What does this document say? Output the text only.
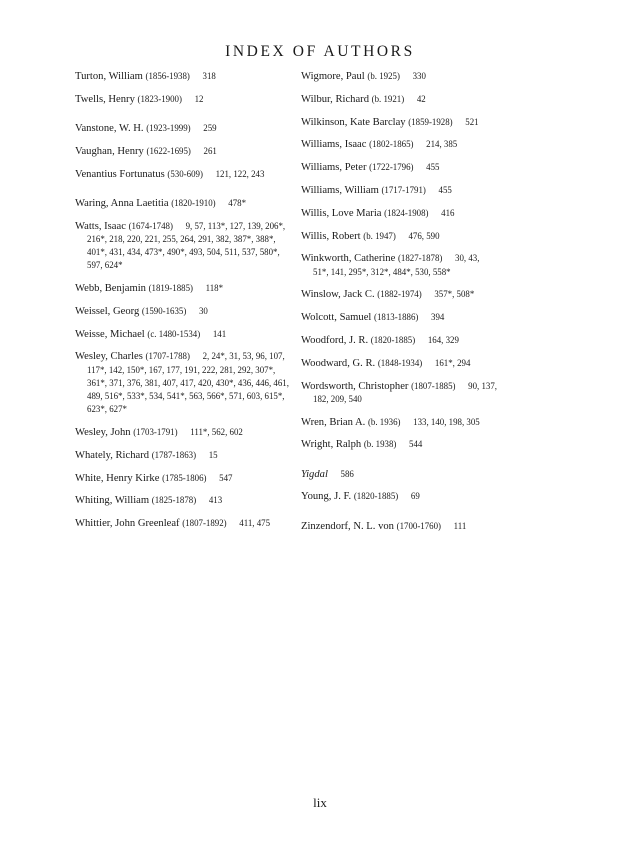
INDEX OF AUTHORS
Turton, William (1856-1938) 318
Twells, Henry (1823-1900) 12
Vanstone, W. H. (1923-1999) 259
Vaughan, Henry (1622-1695) 261
Venantius Fortunatus (530-609) 121, 122, 243
Waring, Anna Laetitia (1820-1910) 478*
Watts, Isaac (1674-1748) 9, 57, 113*, 127, 139, 206*, 216*, 218, 220, 221, 255, 264, 291, 382, 387*, 388*, 401*, 431, 434, 473*, 490*, 493, 504, 511, 537, 580*, 597, 624*
Webb, Benjamin (1819-1885) 118*
Weissel, Georg (1590-1635) 30
Weisse, Michael (c. 1480-1534) 141
Wesley, Charles (1707-1788) 2, 24*, 31, 53, 96, 107, 117*, 142, 150*, 167, 177, 191, 222, 281, 292, 307*, 361*, 371, 376, 381, 407, 417, 420, 430*, 436, 446, 461, 489, 516*, 533*, 534, 541*, 563, 566*, 571, 603, 615*, 623*, 627*
Wesley, John (1703-1791) 111*, 562, 602
Whately, Richard (1787-1863) 15
White, Henry Kirke (1785-1806) 547
Whiting, William (1825-1878) 413
Whittier, John Greenleaf (1807-1892) 411, 475
Wigmore, Paul (b. 1925) 330
Wilbur, Richard (b. 1921) 42
Wilkinson, Kate Barclay (1859-1928) 521
Williams, Isaac (1802-1865) 214, 385
Williams, Peter (1722-1796) 455
Williams, William (1717-1791) 455
Willis, Love Maria (1824-1908) 416
Willis, Robert (b. 1947) 476, 590
Winkworth, Catherine (1827-1878) 30, 43, 51*, 141, 295*, 312*, 484*, 530, 558*
Winslow, Jack C. (1882-1974) 357*, 508*
Wolcott, Samuel (1813-1886) 394
Woodford, J. R. (1820-1885) 164, 329
Woodward, G. R. (1848-1934) 161*, 294
Wordsworth, Christopher (1807-1885) 90, 137, 182, 209, 540
Wren, Brian A. (b. 1936) 133, 140, 198, 305
Wright, Ralph (b. 1938) 544
Yigdal 586
Young, J. F. (1820-1885) 69
Zinzendorf, N. L. von (1700-1760) 111
lix
